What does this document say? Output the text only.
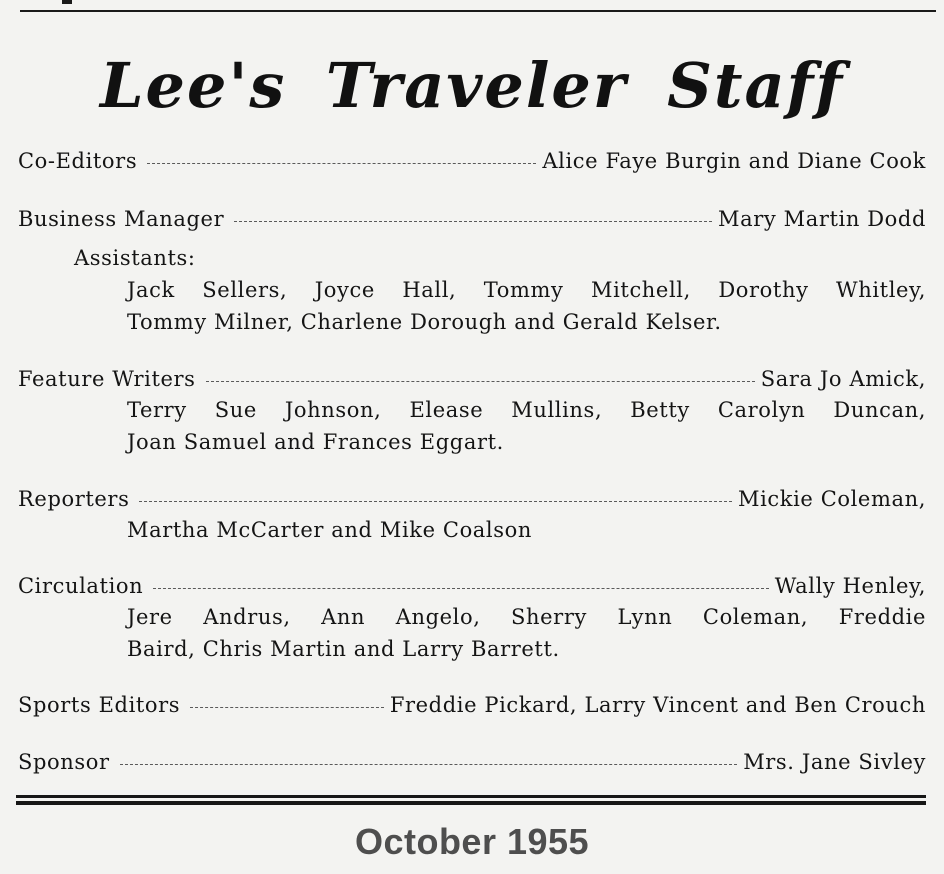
Lee's Traveler Staff
Co-Editors	Alice Faye Burgin and Diane Cook
Business Manager	Mary Martin Dodd
Assistants:
Jack Sellers, Joyce Hall, Tommy Mitchell, Dorothy Whitley,
Tommy Milner, Charlene Dorough and Gerald Kelser.
Feature Writers	Sara Jo Amick,
Terry Sue Johnson, Elease Mullins, Betty Carolyn Duncan,
Joan Samuel and Frances Eggart.
Reporters	Mickie Coleman,
Martha McCarter and Mike Coalson
Circulation	Wally Henley,
Jere Andrus, Ann Angelo, Sherry Lynn Coleman, Freddie
Baird, Chris Martin and Larry Barrett.
Sports Editors	Freddie Pickard, Larry Vincent and Ben Crouch
Sponsor	Mrs. Jane Sivley
October 1955
